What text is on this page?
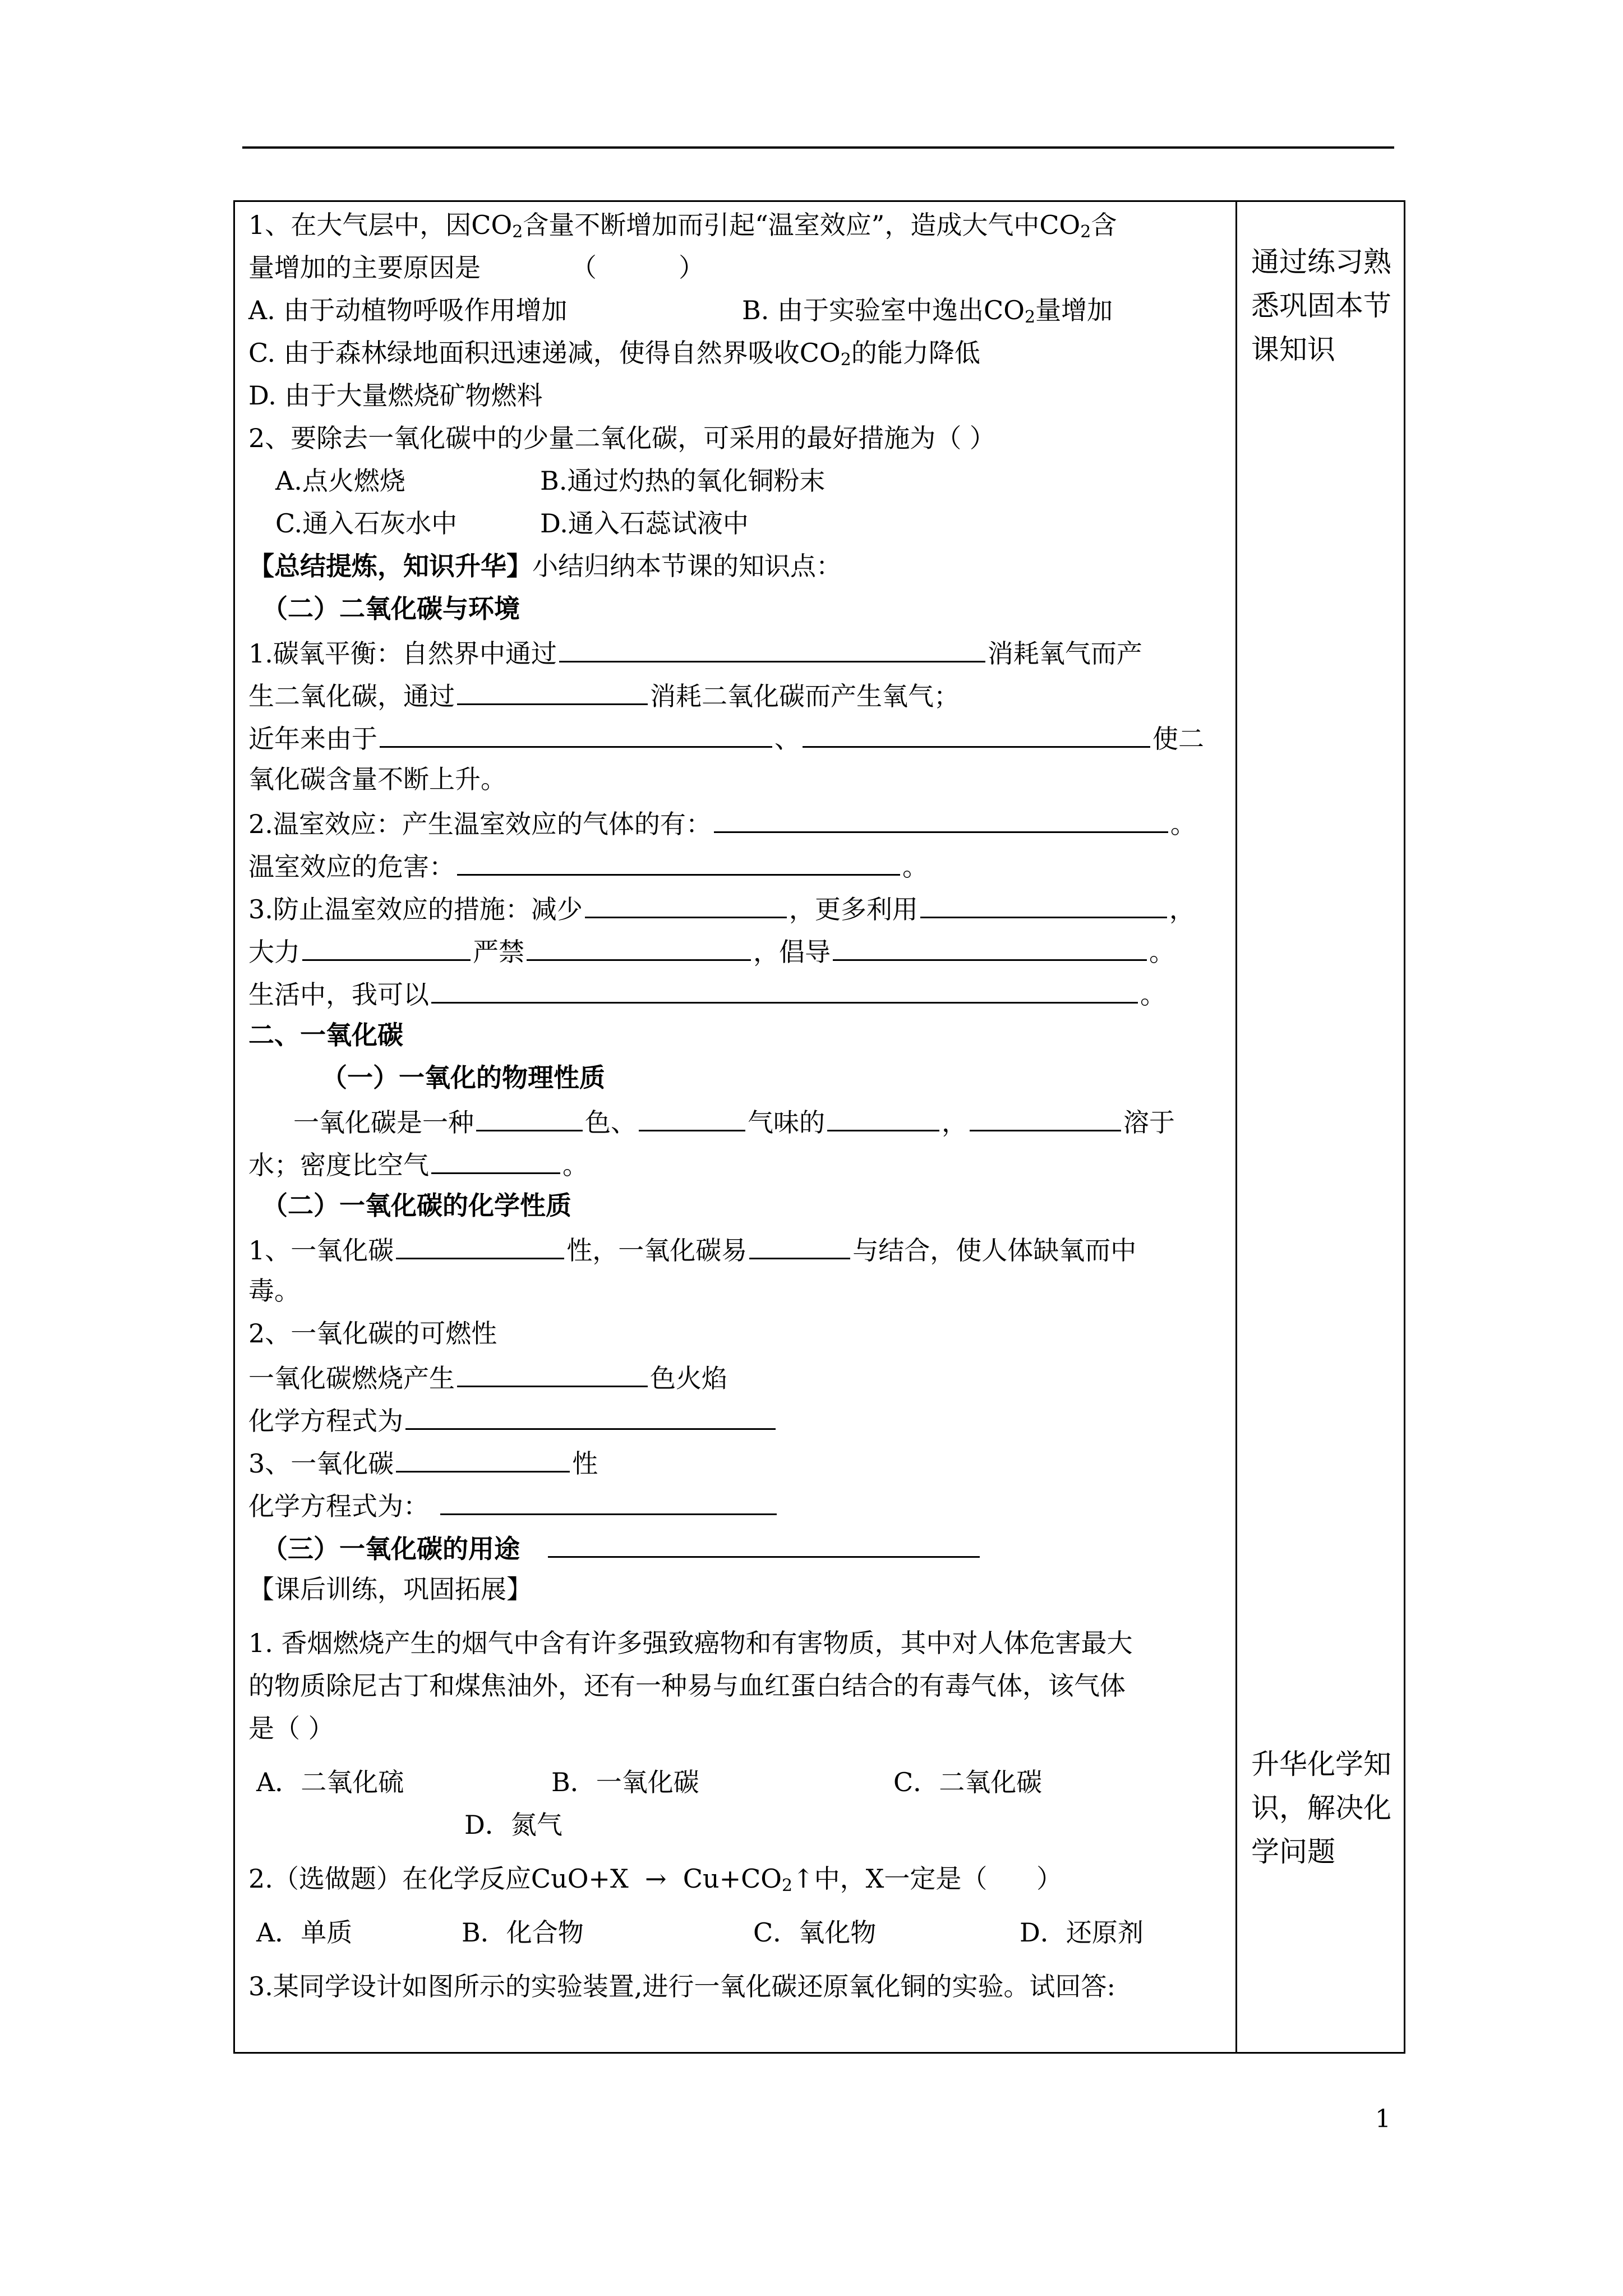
1、在大气层中，因$CO_2$含量不断增加而引起“温室效应”，造成大气中$CO_2$含
量增加的主要原因是           （          ）
A. 由于动植物呼吸作用增加	B. 由于实验室中逸出$CO_2$量增加
C. 由于森林绿地面积迅速递减，使得自然界吸收$CO_2$的能力降低
D. 由于大量燃烧矿物燃料
2、要除去一氧化碳中的少量二氧化碳，可采用的最好措施为（ ）
A.点火燃烧	B.通过灼热的氧化铜粉末
C.通入石灰水中	D.通入石蕊试液中
【总结提炼，知识升华】小结归纳本节课的知识点：
（二）二氧化碳与环境
1.碳氧平衡：自然界中通过	消耗氧气而产
生二氧化碳，通过	消耗二氧化碳而产生氧气；
近年来由于	、	使二
氧化碳含量不断上升。
2.温室效应：产生温室效应的气体的有：	。
温室效应的危害：	。
3.防止温室效应的措施：减少	，更多利用	，
大力	严禁	，倡导	。
生活中，我可以	。
二、一氧化碳
（一）一氧化的物理性质
一氧化碳是一种	色、	气味的	，	溶于
水；密度比空气	。
（二）一氧化碳的化学性质
1、一氧化碳	性，一氧化碳易	与结合，使人体缺氧而中
毒。
2、一氧化碳的可燃性
一氧化碳燃烧产生	色火焰
化学方程式为
3、一氧化碳	性
化学方程式为：
（三）一氧化碳的用途
【课后训练，巩固拓展】
1. 香烟燃烧产生的烟气中含有许多强致癌物和有害物质，其中对人体危害最大
的物质除尼古丁和煤焦油外，还有一种易与血红蛋白结合的有毒气体，该气体
是（ ）
A．二氧化硫	B．一氧化碳	C．二氧化碳
D．氮气
2.（选做题）在化学反应$CuO+X \to Cu+CO_2↑$中，X一定是（      ）
A．单质	B．化合物	C．氧化物	D．还原剂
3.某同学设计如图所示的实验装置,进行一氧化碳还原氧化铜的实验。试回答:
通过练习熟悉巩固本节课知识
升华化学知识，解决化学问题
1
